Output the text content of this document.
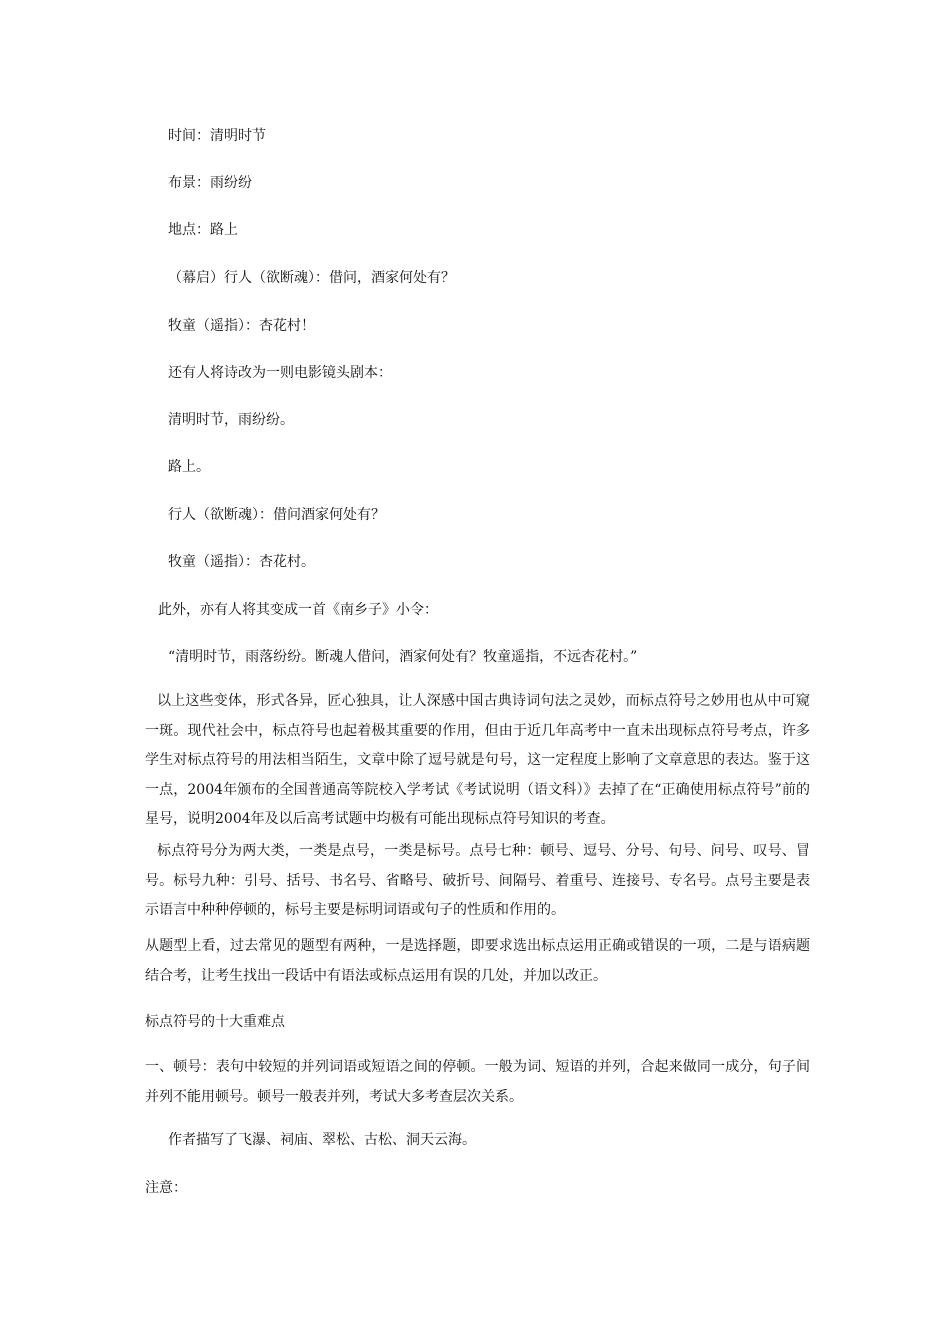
时间：清明时节

布景：雨纷纷

地点：路上

（幕启）行人（欲断魂）：借问，酒家何处有？

牧童（遥指）：杏花村！

还有人将诗改为一则电影镜头剧本：

清明时节，雨纷纷。

路上。

行人（欲断魂）：借问酒家何处有？

牧童（遥指）：杏花村。

此外，亦有人将其变成一首《南乡子》小令：

“清明时节，雨落纷纷。断魂人借问，酒家何处有？牧童遥指，不远杏花村。”

以上这些变体，形式各异，匠心独具，让人深感中国古典诗词句法之灵妙，而标点符号之妙用也从中可窥一斑。现代社会中，标点符号也起着极其重要的作用，但由于近几年高考中一直未出现标点符号考点，许多学生对标点符号的用法相当陌生，文章中除了逗号就是句号，这一定程度上影响了文章意思的表达。鉴于这一点，2004年颁布的全国普通高等院校入学考试《考试说明（语文科）》去掉了在“正确使用标点符号”前的星号，说明2004年及以后高考试题中均极有可能出现标点符号知识的考查。

标点符号分为两大类，一类是点号，一类是标号。点号七种：顿号、逗号、分号、句号、问号、叹号、冒号。标号九种：引号、括号、书名号、省略号、破折号、间隔号、着重号、连接号、专名号。点号主要是表示语言中种种停顿的，标号主要是标明词语或句子的性质和作用的。

从题型上看，过去常见的题型有两种，一是选择题，即要求选出标点运用正确或错误的一项，二是与语病题结合考，让考生找出一段话中有语法或标点运用有误的几处，并加以改正。

标点符号的十大重难点

一、顿号：表句中较短的并列词语或短语之间的停顿。一般为词、短语的并列，合起来做同一成分，句子间并列不能用顿号。顿号一般表并列，考试大多考查层次关系。

作者描写了飞瀑、祠庙、翠松、古松、洞天云海。

注意：
